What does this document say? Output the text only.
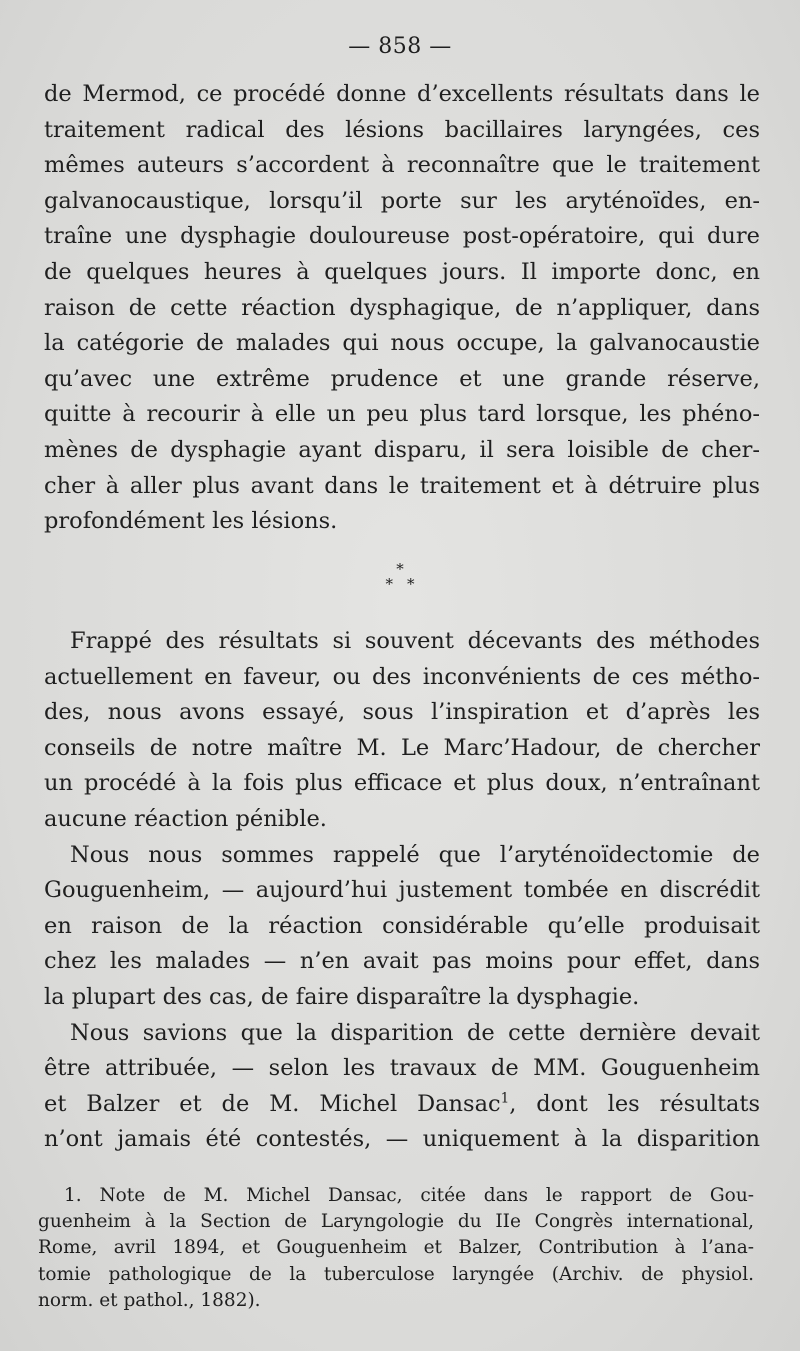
— 858 —
de Mermod, ce procédé donne d’excellents résultats dans le
traitement radical des lésions bacillaires laryngées, ces
mêmes auteurs s’accordent à reconnaître que le traitement
galvanocaustique, lorsqu’il porte sur les aryténoïdes, en-
traîne une dysphagie douloureuse post-opératoire, qui dure
de quelques heures à quelques jours. Il importe donc, en
raison de cette réaction dysphagique, de n’appliquer, dans
la catégorie de malades qui nous occupe, la galvanocaustie
qu’avec une extrême prudence et une grande réserve,
quitte à recourir à elle un peu plus tard lorsque, les phéno-
mènes de dysphagie ayant disparu, il sera loisible de cher-
cher à aller plus avant dans le traitement et à détruire plus
profondément les lésions.
*
**
Frappé des résultats si souvent décevants des méthodes
actuellement en faveur, ou des inconvénients de ces métho-
des, nous avons essayé, sous l’inspiration et d’après les
conseils de notre maître M. Le Marc’Hadour, de chercher
un procédé à la fois plus efficace et plus doux, n’entraînant
aucune réaction pénible.
Nous nous sommes rappelé que l’aryténoïdectomie de
Gouguenheim, — aujourd’hui justement tombée en discrédit
en raison de la réaction considérable qu’elle produisait
chez les malades — n’en avait pas moins pour effet, dans
la plupart des cas, de faire disparaître la dysphagie.
Nous savions que la disparition de cette dernière devait
être attribuée, — selon les travaux de MM. Gouguenheim
et Balzer et de M. Michel Dansac$^1$, dont les résultats
n’ont jamais été contestés, — uniquement à la disparition
1. Note de M. Michel Dansac, citée dans le rapport de Gou-
guenheim à la Section de Laryngologie du IIe Congrès international,
Rome, avril 1894, et Gouguenheim et Balzer, Contribution à l’ana-
tomie pathologique de la tuberculose laryngée (Archiv. de physiol.
norm. et pathol., 1882).
